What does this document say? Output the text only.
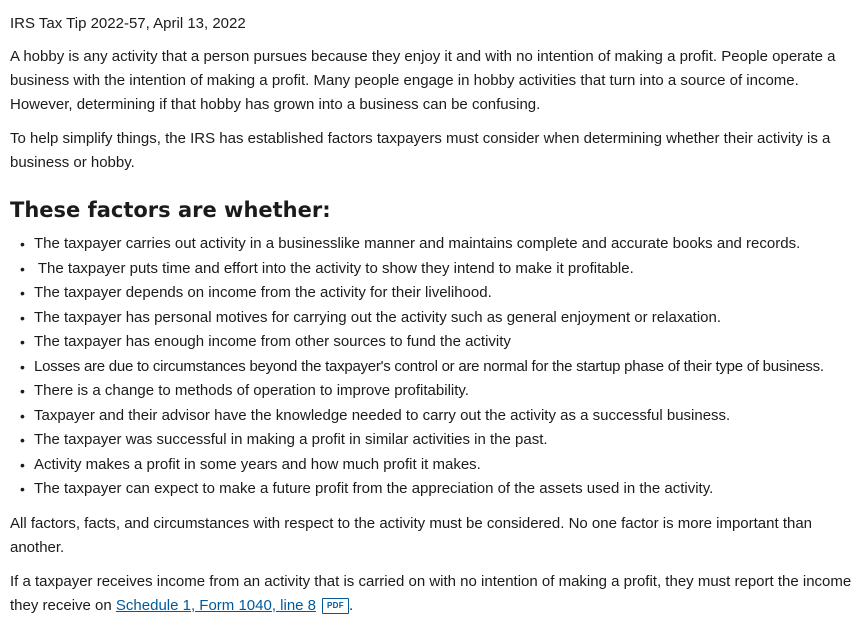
IRS Tax Tip 2022-57, April 13, 2022

A hobby is any activity that a person pursues because they enjoy it and with no intention of making a profit. People operate a business with the intention of making a profit. Many people engage in hobby activities that turn into a source of income. However, determining if that hobby has grown into a business can be confusing.

To help simplify things, the IRS has established factors taxpayers must consider when determining whether their activity is a business or hobby.

These factors are whether:
• The taxpayer carries out activity in a businesslike manner and maintains complete and accurate books and records.
• The taxpayer puts time and effort into the activity to show they intend to make it profitable.
• The taxpayer depends on income from the activity for their livelihood.
• The taxpayer has personal motives for carrying out the activity such as general enjoyment or relaxation.
• The taxpayer has enough income from other sources to fund the activity
• Losses are due to circumstances beyond the taxpayer's control or are normal for the startup phase of their type of business.
• There is a change to methods of operation to improve profitability.
• Taxpayer and their advisor have the knowledge needed to carry out the activity as a successful business.
• The taxpayer was successful in making a profit in similar activities in the past.
• Activity makes a profit in some years and how much profit it makes.
• The taxpayer can expect to make a future profit from the appreciation of the assets used in the activity.

All factors, facts, and circumstances with respect to the activity must be considered. No one factor is more important than another.

If a taxpayer receives income from an activity that is carried on with no intention of making a profit, they must report the income they receive on Schedule 1, Form 1040, line 8 PDF .
